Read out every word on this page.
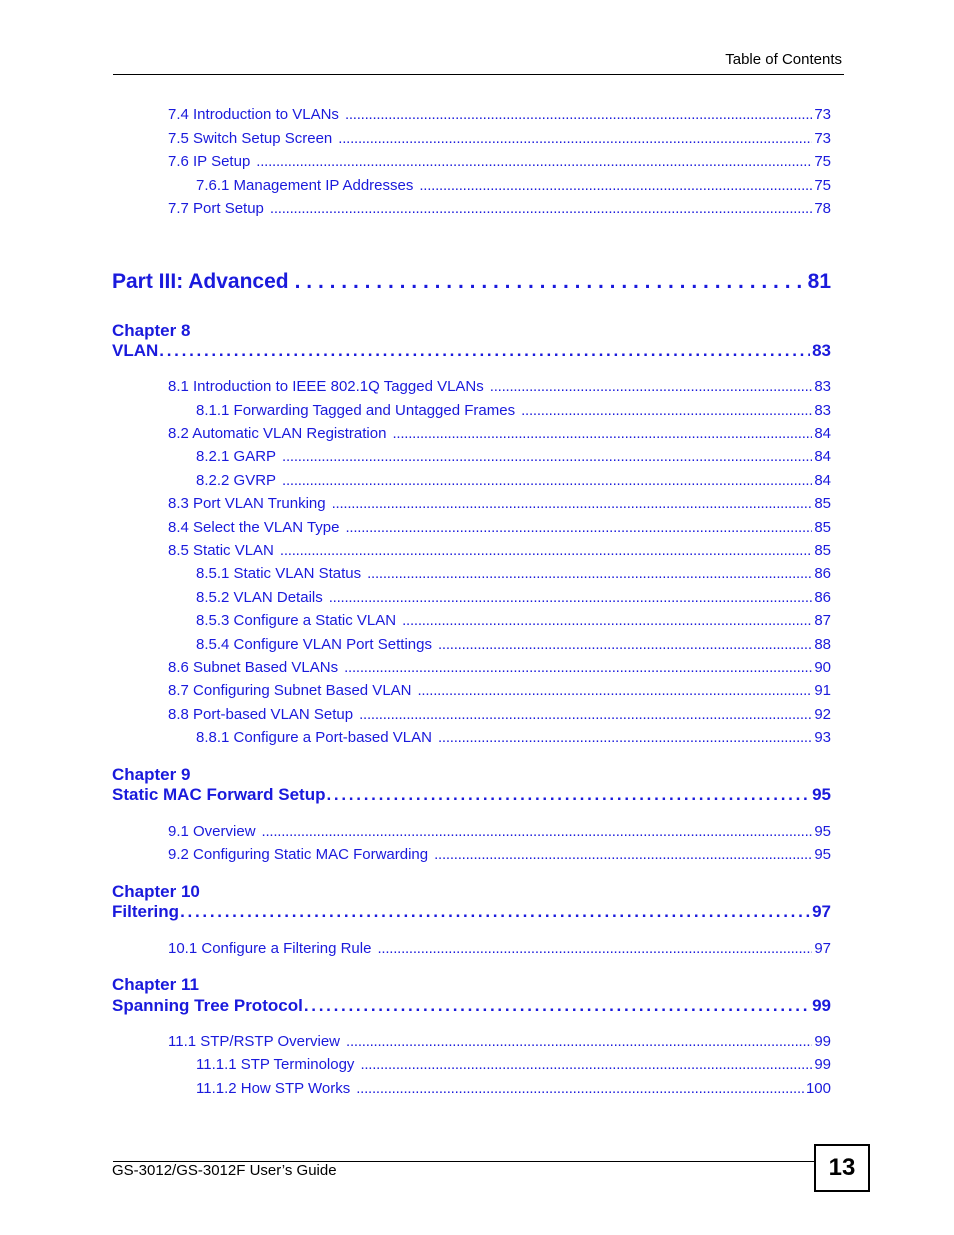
Table of Contents
7.4 Introduction to VLANs . . .	73
7.5 Switch Setup Screen . . .	73
7.6 IP Setup . . .	75
7.6.1 Management IP Addresses . . .	75
7.7 Port Setup . . .	78
Part III: Advanced . . .	81
Chapter 8
VLAN . . .	83
8.1 Introduction to IEEE 802.1Q Tagged VLANs . . .	83
8.1.1 Forwarding Tagged and Untagged Frames . . .	83
8.2 Automatic VLAN Registration . . .	84
8.2.1 GARP . . .	84
8.2.2 GVRP . . .	84
8.3 Port VLAN Trunking . . .	85
8.4 Select the VLAN Type . . .	85
8.5 Static VLAN . . .	85
8.5.1 Static VLAN Status . . .	86
8.5.2 VLAN Details . . .	86
8.5.3 Configure a Static VLAN . . .	87
8.5.4 Configure VLAN Port Settings . . .	88
8.6 Subnet Based VLANs . . .	90
8.7 Configuring Subnet Based VLAN . . .	91
8.8 Port-based VLAN Setup . . .	92
8.8.1 Configure a Port-based VLAN . . .	93
Chapter 9
Static MAC Forward Setup . . .	95
9.1 Overview . . .	95
9.2 Configuring Static MAC Forwarding . . .	95
Chapter 10
Filtering . . .	97
10.1 Configure a Filtering Rule . . .	97
Chapter 11
Spanning Tree Protocol . . .	99
11.1 STP/RSTP Overview . . .	99
11.1.1 STP Terminology . . .	99
11.1.2 How STP Works . . .	100
GS-3012/GS-3012F User’s Guide	13
